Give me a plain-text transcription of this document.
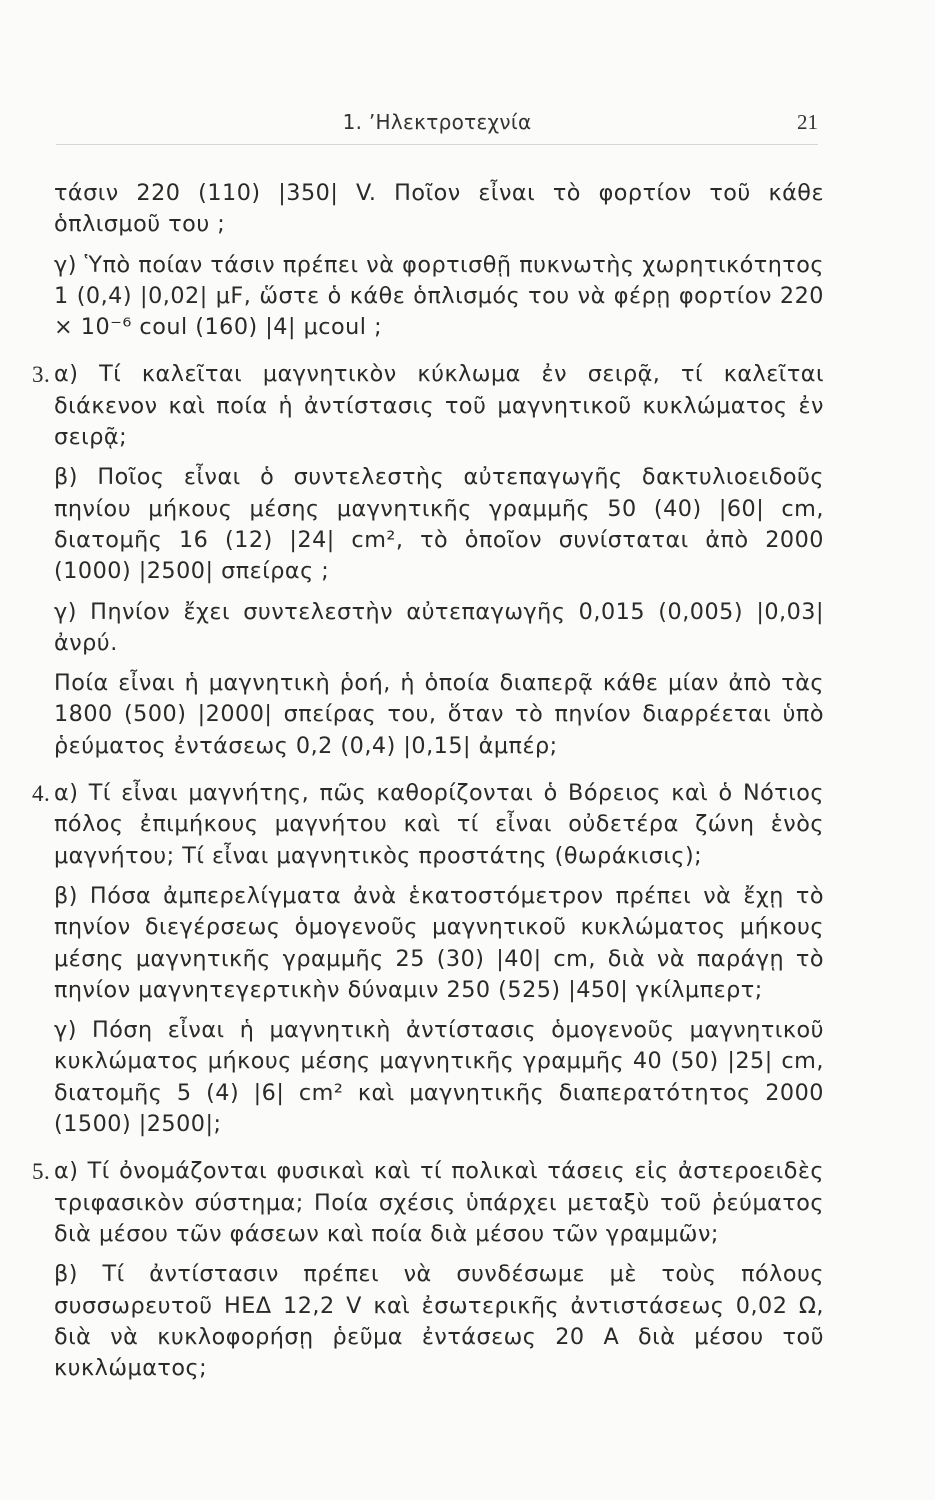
1. ’Ηλεκτροτεχνία	21

τάσιν 220 (110) |350| V. Ποῖον εἶναι τὸ φορτίον τοῦ κάθε ὁπλισμοῦ του ;

γ) Ὑπὸ ποίαν τάσιν πρέπει νὰ φορτισθῇ πυκνωτὴς χωρητικότητος 1 (0,4) |0,02| μF, ὥστε ὁ κάθε ὁπλισμός του νὰ φέρῃ φορτίον 220 × 10⁻⁶ coul (160) |4| μcoul ;

3. α) Τί καλεῖται μαγνητικὸν κύκλωμα ἐν σειρᾷ, τί καλεῖται διάκενον καὶ ποία ἡ ἀντίστασις τοῦ μαγνητικοῦ κυκλώματος ἐν σειρᾷ;

β) Ποῖος εἶναι ὁ συντελεστὴς αὐτεπαγωγῆς δακτυλιοειδοῦς πηνίου μήκους μέσης μαγνητικῆς γραμμῆς 50 (40) |60| cm, διατομῆς 16 (12) |24| cm², τὸ ὁποῖον συνίσταται ἀπὸ 2000 (1000) |2500| σπείρας ;

γ) Πηνίον ἔχει συντελεστὴν αὐτεπαγωγῆς 0,015 (0,005) |0,03| ἀνρύ.

Ποία εἶναι ἡ μαγνητικὴ ῥοή, ἡ ὁποία διαπερᾷ κάθε μίαν ἀπὸ τὰς 1800 (500) |2000| σπείρας του, ὅταν τὸ πηνίον διαρρέεται ὑπὸ ῥεύματος ἐντάσεως 0,2 (0,4) |0,15| ἀμπέρ;

4. α) Τί εἶναι μαγνήτης, πῶς καθορίζονται ὁ Βόρειος καὶ ὁ Νότιος πόλος ἐπιμήκους μαγνήτου καὶ τί εἶναι οὐδετέρα ζώνη ἑνὸς μαγνήτου; Τί εἶναι μαγνητικὸς προστάτης (θωράκισις);

β) Πόσα ἀμπερελίγματα ἀνὰ ἑκατοστόμετρον πρέπει νὰ ἔχῃ τὸ πηνίον διεγέρσεως ὁμογενοῦς μαγνητικοῦ κυκλώματος μήκους μέσης μαγνητικῆς γραμμῆς 25 (30) |40| cm, διὰ νὰ παράγῃ τὸ πηνίον μαγνητεγερτικὴν δύναμιν 250 (525) |450| γκίλμπερτ;

γ) Πόση εἶναι ἡ μαγνητικὴ ἀντίστασις ὁμογενοῦς μαγνητικοῦ κυκλώματος μήκους μέσης μαγνητικῆς γραμμῆς 40 (50) |25| cm, διατομῆς 5 (4) |6| cm² καὶ μαγνητικῆς διαπερατότητος 2000 (1500) |2500|;

5. α) Τί ὀνομάζονται φυσικαὶ καὶ τί πολικαὶ τάσεις εἰς ἀστεροειδὲς τριφασικὸν σύστημα; Ποία σχέσις ὑπάρχει μεταξὺ τοῦ ῥεύματος διὰ μέσου τῶν φάσεων καὶ ποία διὰ μέσου τῶν γραμμῶν;

β) Τί ἀντίστασιν πρέπει νὰ συνδέσωμε μὲ τοὺς πόλους συσσωρευτοῦ ΗΕΔ 12,2 V καὶ ἐσωτερικῆς ἀντιστάσεως 0,02 Ω, διὰ νὰ κυκλοφορήσῃ ῥεῦμα ἐντάσεως 20 A διὰ μέσου τοῦ κυκλώματος;
